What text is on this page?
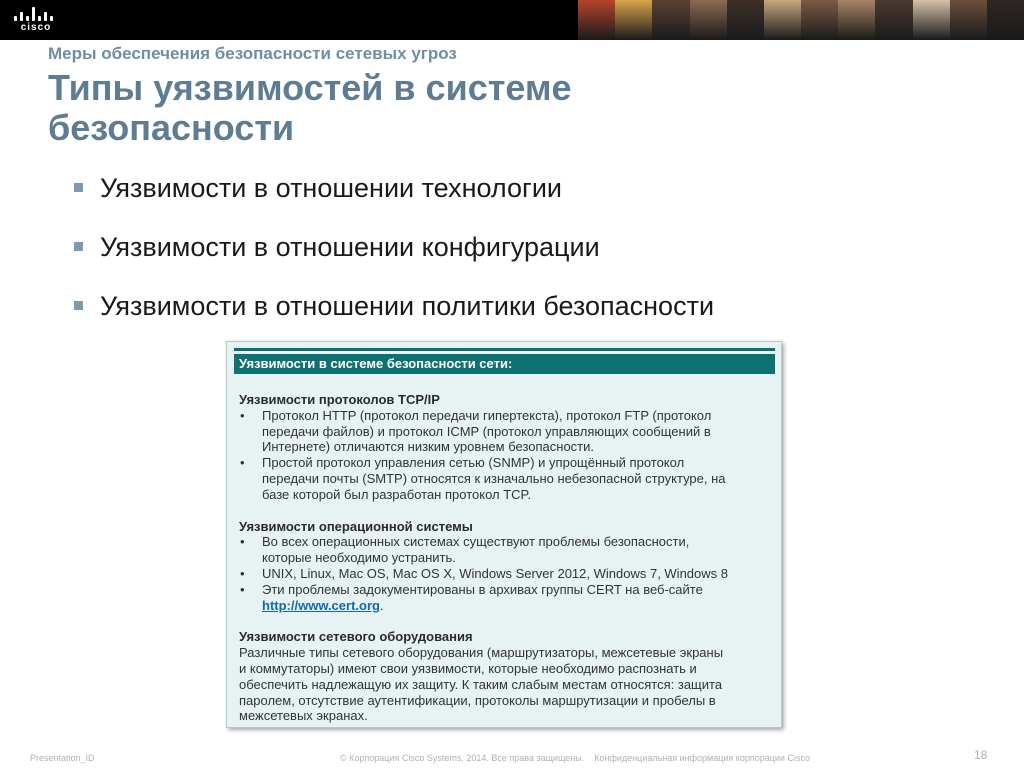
cisco
Меры обеспечения безопасности сетевых угроз
Типы уязвимостей в системе безопасности
Уязвимости в отношении технологии
Уязвимости в отношении конфигурации
Уязвимости в отношении политики безопасности
Уязвимости в системе безопасности сети:
Уязвимости протоколов TCP/IP
• Протокол HTTP (протокол передачи гипертекста), протокол FTP (протокол
передачи файлов) и протокол ICMP (протокол управляющих сообщений в
Интернете) отличаются низким уровнем безопасности.
• Простой протокол управления сетью (SNMP) и упрощённый протокол
передачи почты (SMTP) относятся к изначально небезопасной структуре, на
базе которой был разработан протокол TCP.
Уязвимости операционной системы
• Во всех операционных системах существуют проблемы безопасности,
которые необходимо устранить.
• UNIX, Linux, Mac OS, Mac OS X, Windows Server 2012, Windows 7, Windows 8
• Эти проблемы задокументированы в архивах группы CERT на веб-сайте
http://www.cert.org.
Уязвимости сетевого оборудования
Различные типы сетевого оборудования (маршрутизаторы, межсетевые экраны
и коммутаторы) имеют свои уязвимости, которые необходимо распознать и
обеспечить надлежащую их защиту. К таким слабым местам относятся: защита
паролем, отсутствие аутентификации, протоколы маршрутизации и пробелы в
межсетевых экранах.
Presentation_ID	© Корпорация Cisco Systems, 2014. Все права защищены. Конфиденциальная информация корпорации Cisco	18
